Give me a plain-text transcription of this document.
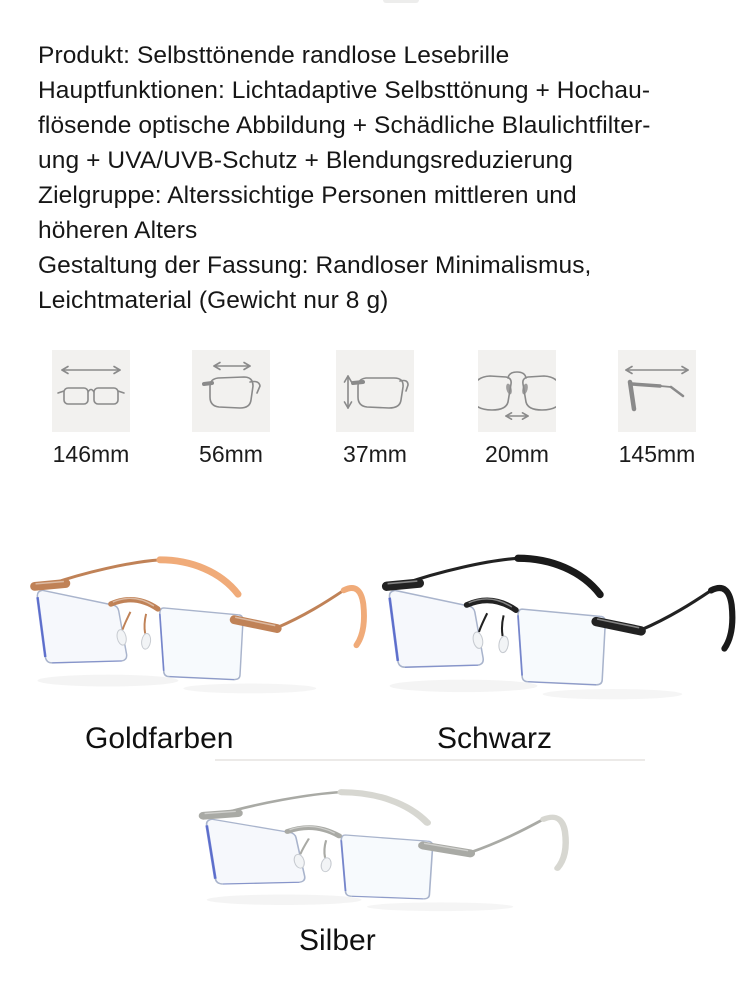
Produkt: Selbsttönende randlose Lesebrille
Hauptfunktionen: Lichtadaptive Selbsttönung + Hochau-
flösende optische Abbildung + Schädliche Blaulichtfilter-
ung + UVA/UVB-Schutz + Blendungsreduzierung
Zielgruppe: Alterssichtige Personen mittleren und
höheren Alters
Gestaltung der Fassung: Randloser Minimalismus,
Leichtmaterial (Gewicht nur 8 g)
146mm	56mm	37mm	20mm	145mm
Goldfarben	Schwarz
Silber
